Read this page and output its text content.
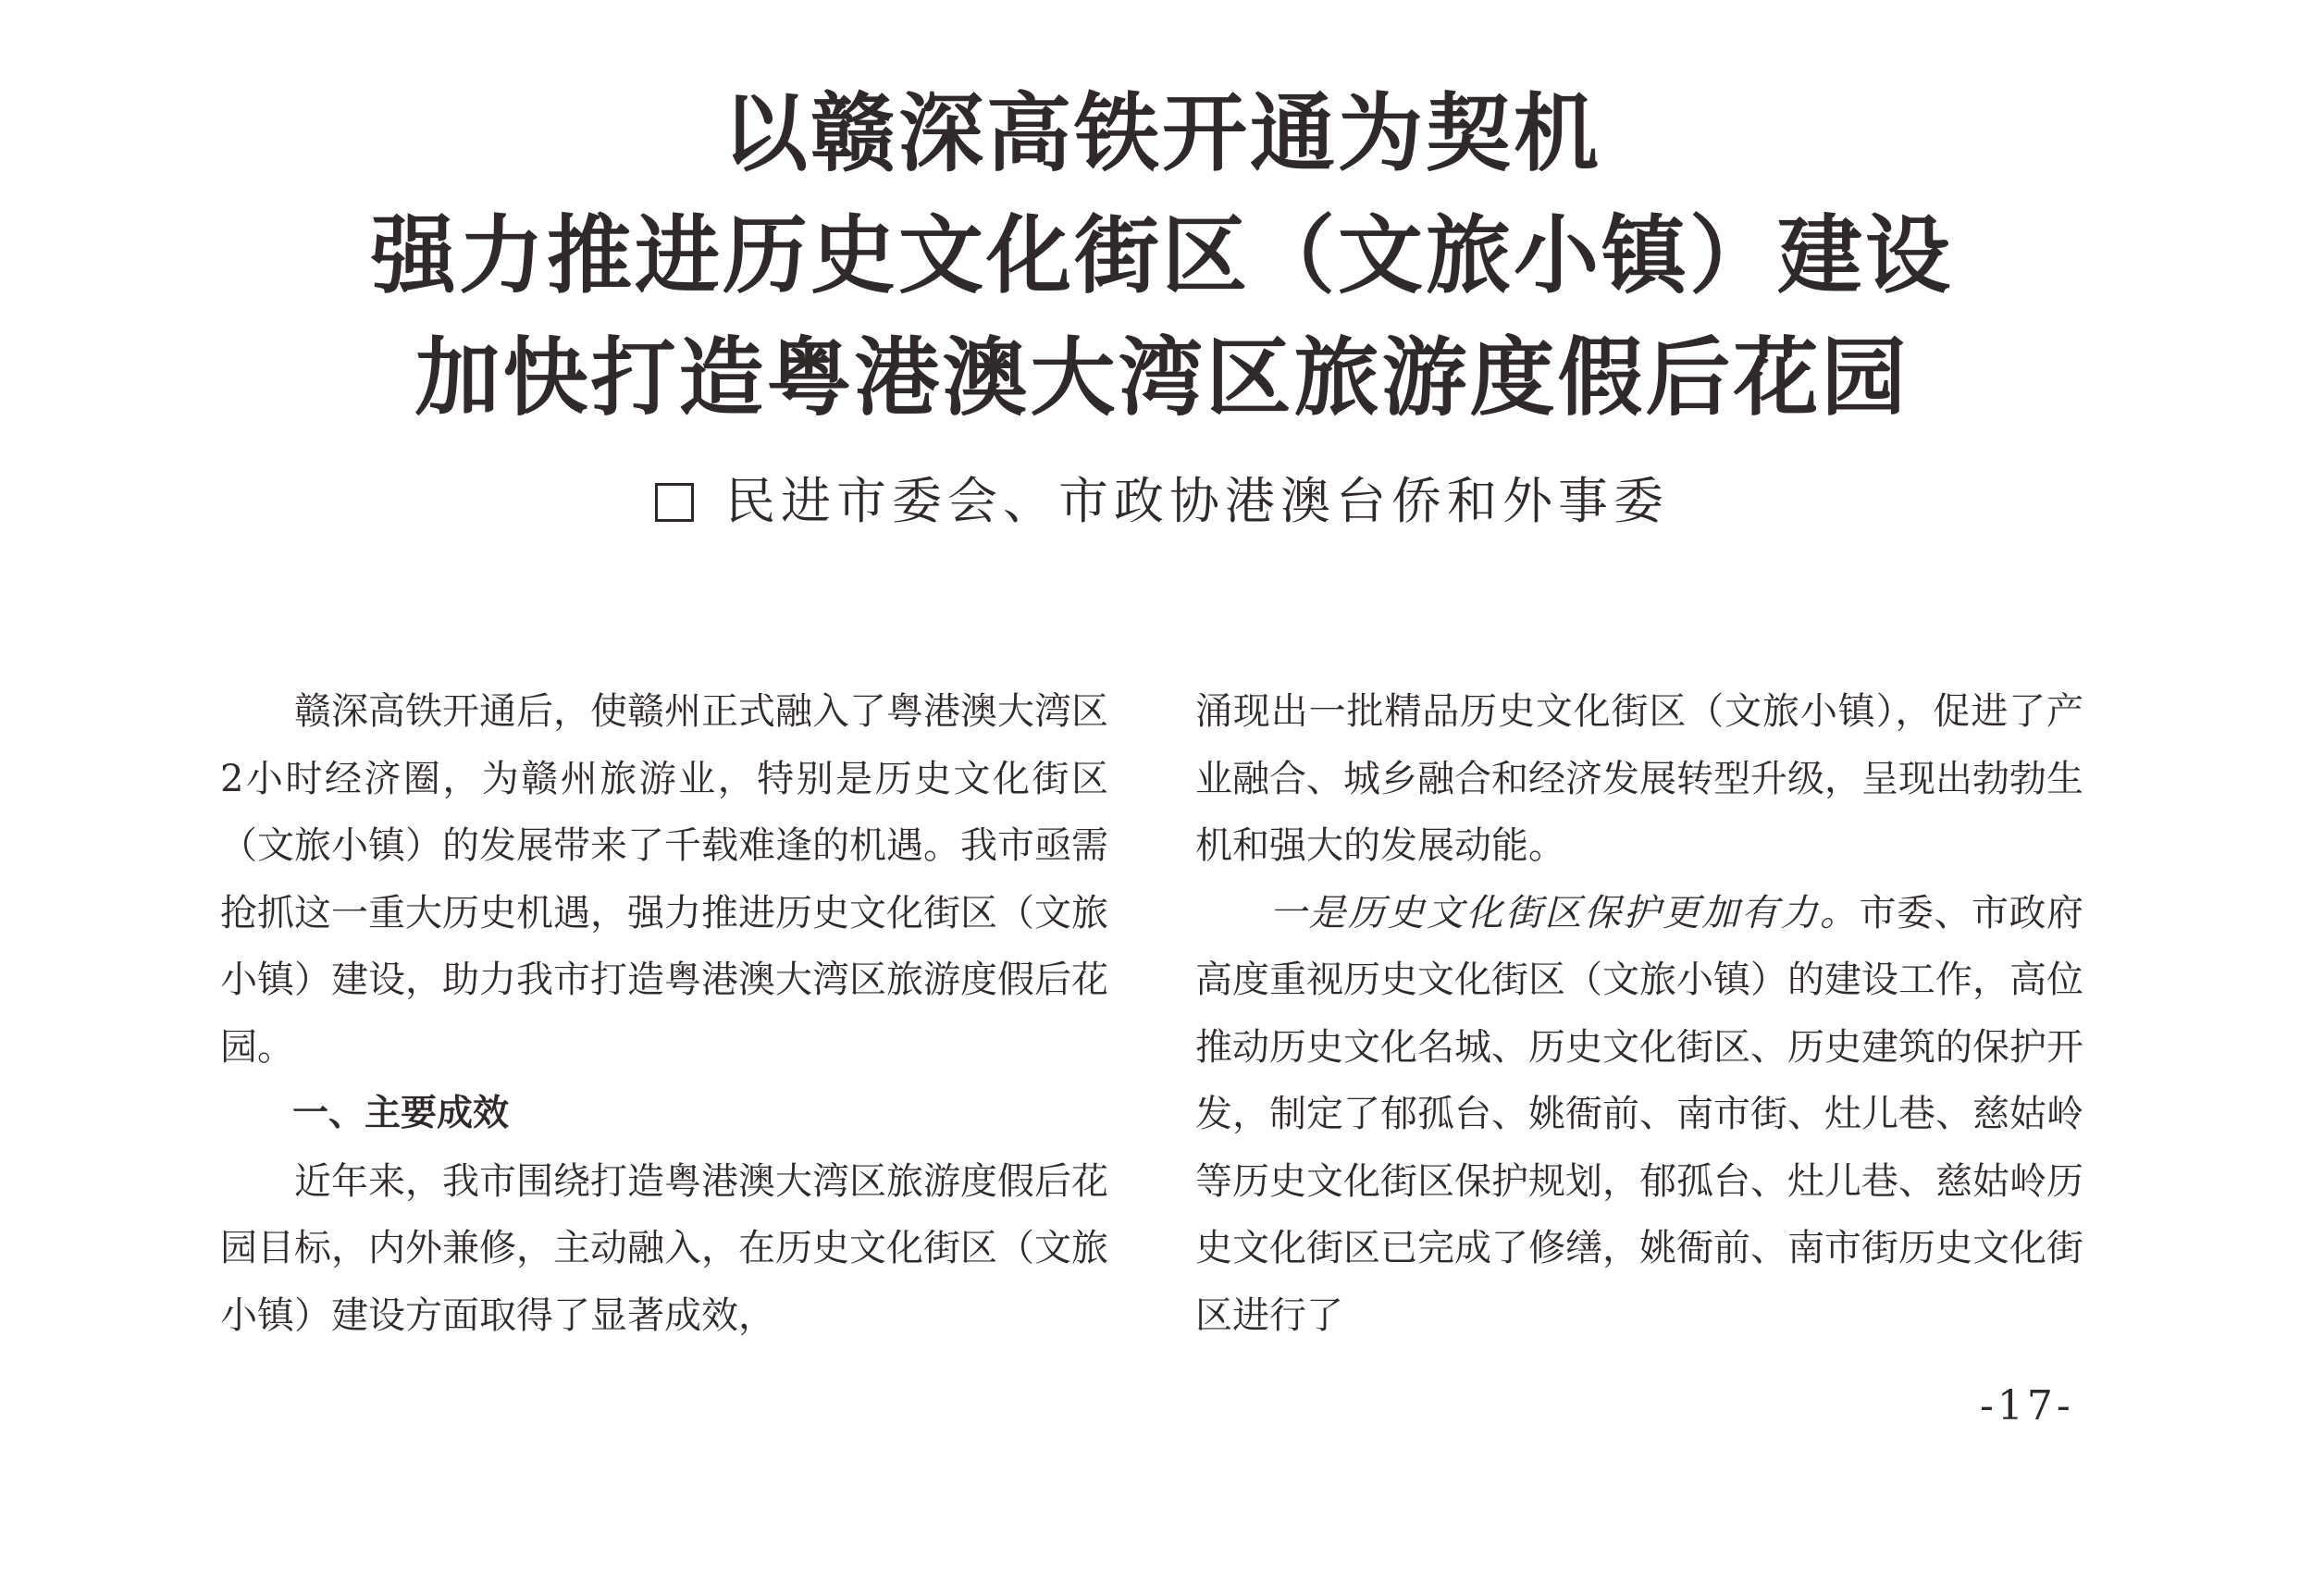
以赣深高铁开通为契机
强力推进历史文化街区（文旅小镇）建设
加快打造粤港澳大湾区旅游度假后花园
民进市委会、市政协港澳台侨和外事委

赣深高铁开通后，使赣州正式融入了粤港澳大湾区2小时经济圈，为赣州旅游业，特别是历史文化街区（文旅小镇）的发展带来了千载难逢的机遇。我市亟需抢抓这一重大历史机遇，强力推进历史文化街区（文旅小镇）建设，助力我市打造粤港澳大湾区旅游度假后花园。

一、主要成效

近年来，我市围绕打造粤港澳大湾区旅游度假后花园目标，内外兼修，主动融入，在历史文化街区（文旅小镇）建设方面取得了显著成效，

涌现出一批精品历史文化街区（文旅小镇），促进了产业融合、城乡融合和经济发展转型升级，呈现出勃勃生机和强大的发展动能。

一是历史文化街区保护更加有力。市委、市政府高度重视历史文化街区（文旅小镇）的建设工作，高位推动历史文化名城、历史文化街区、历史建筑的保护开发，制定了郁孤台、姚衙前、南市街、灶儿巷、慈姑岭等历史文化街区保护规划，郁孤台、灶儿巷、慈姑岭历史文化街区已完成了修缮，姚衙前、南市街历史文化街区进行了

-17-
